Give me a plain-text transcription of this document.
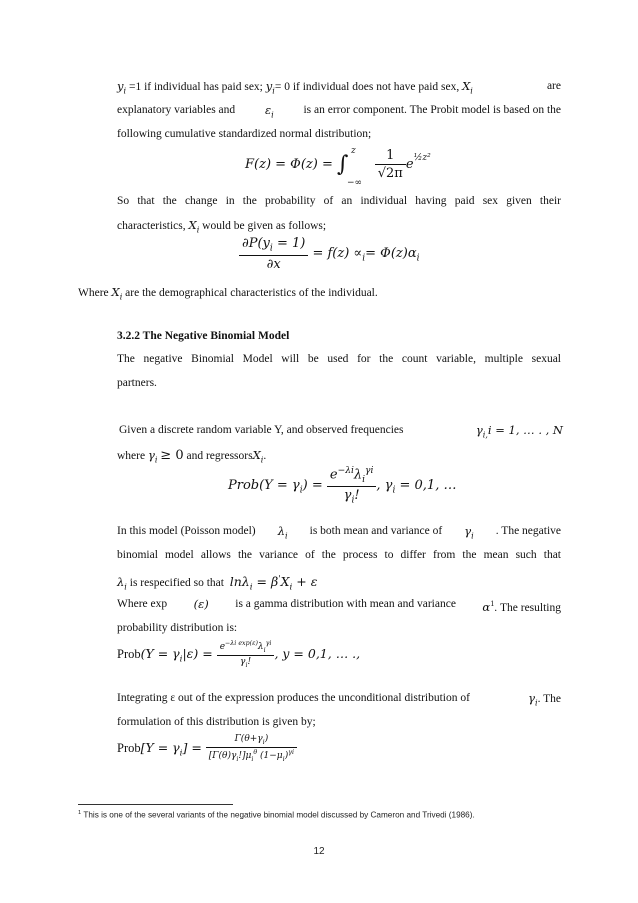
$y_i =1$ if individual has paid sex; $y_i= 0$ if individual does not have paid sex, $X_i$	are
explanatory variables and	$\varepsilon_i$	is an error component. The Probit model is based on the
following cumulative standardized normal distribution;
F(z) = Φ(z) = ∫
z
−∞

$\frac{1}{√2\pi} e^{\frac{1}{2}z^2}$
So that the change in the probability of an individual having paid sex given their
characteristics, $X_i$ would be given as follows;
$\frac{\partial P(y_i = 1)}{\partial x} = f(z) \propto_i= \Phi(z)\alpha_i$
Where $X_i$ are the demographical characteristics of the individual.
3.2.2 The Negative Binomial Model
The negative Binomial Model will be used for the count variable, multiple sexual
partners.
Given a discrete random variable Y, and observed frequencies	$\gamma_{i,}i = 1$, … . , N
where $\gamma_i \ge 0$ and regressorsX$_i$.
Prob(Y = $\gamma_i) = \frac{e^{-\lambda i}\lambda_i^{\gamma i}}{\gamma_i!}$ , $\gamma_i = 0,1$, …
In this model (Poisson model) $\lambda_i$ is both mean and variance of $\gamma_i$ . The negative
binomial model allows the variance of the process to differ from the mean such that
$\lambda_i$ is respecified so that $\ln\lambda_i = \beta'X_i + \varepsilon$
Where exp (ε) is a gamma distribution with mean and variance $\alpha^1$. The resulting
probability distribution is:
Prob(Y = $\gamma_i|\varepsilon) = \frac{e^{-\lambda i exp(\varepsilon)}\lambda_i^{\gamma i}}{\gamma_i!}$ , y = 0,1, … .,
Integrating ε out of the expression produces the unconditional distribution of	$\gamma_i$. The
formulation of this distribution is given by;
Prob[Y = $\gamma_i] = \frac{\Gamma(\theta+\gamma_i)}{[\Gamma(\theta)\gamma_i!]\mu_i^\theta (1-\mu_i)^{\gamma i}}$
$^1$ This is one of the several variants of the negative binomial model discussed by Cameron and Trivedi (1986).
12
